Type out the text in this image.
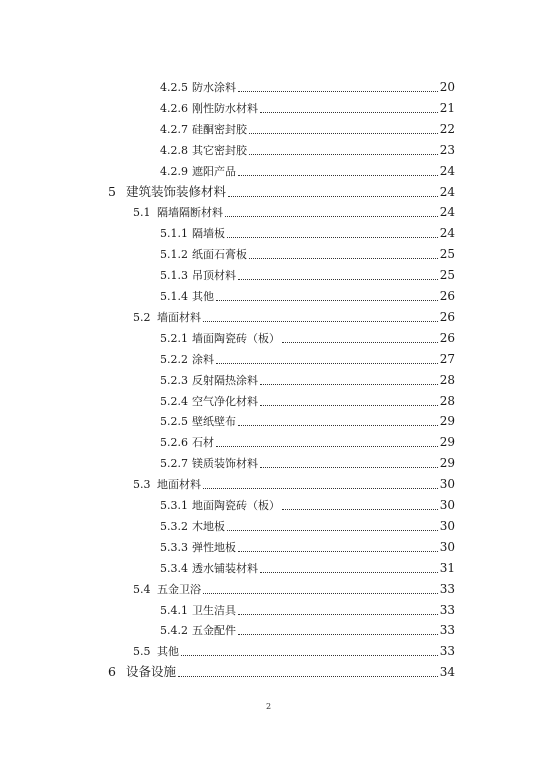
4.2.5 防水涂料	20
4.2.6 刚性防水材料	21
4.2.7 硅酮密封胶	22
4.2.8 其它密封胶	23
4.2.9 遮阳产品	24
5 建筑装饰装修材料	24
5.1 隔墙隔断材料	24
5.1.1 隔墙板	24
5.1.2 纸面石膏板	25
5.1.3 吊顶材料	25
5.1.4 其他	26
5.2 墙面材料	26
5.2.1 墙面陶瓷砖（板）	26
5.2.2 涂料	27
5.2.3 反射隔热涂料	28
5.2.4 空气净化材料	28
5.2.5 壁纸壁布	29
5.2.6 石材	29
5.2.7 镁质装饰材料	29
5.3 地面材料	30
5.3.1 地面陶瓷砖（板）	30
5.3.2 木地板	30
5.3.3 弹性地板	30
5.3.4 透水铺装材料	31
5.4 五金卫浴	33
5.4.1 卫生洁具	33
5.4.2 五金配件	33
5.5 其他	33
6 设备设施	34
2
